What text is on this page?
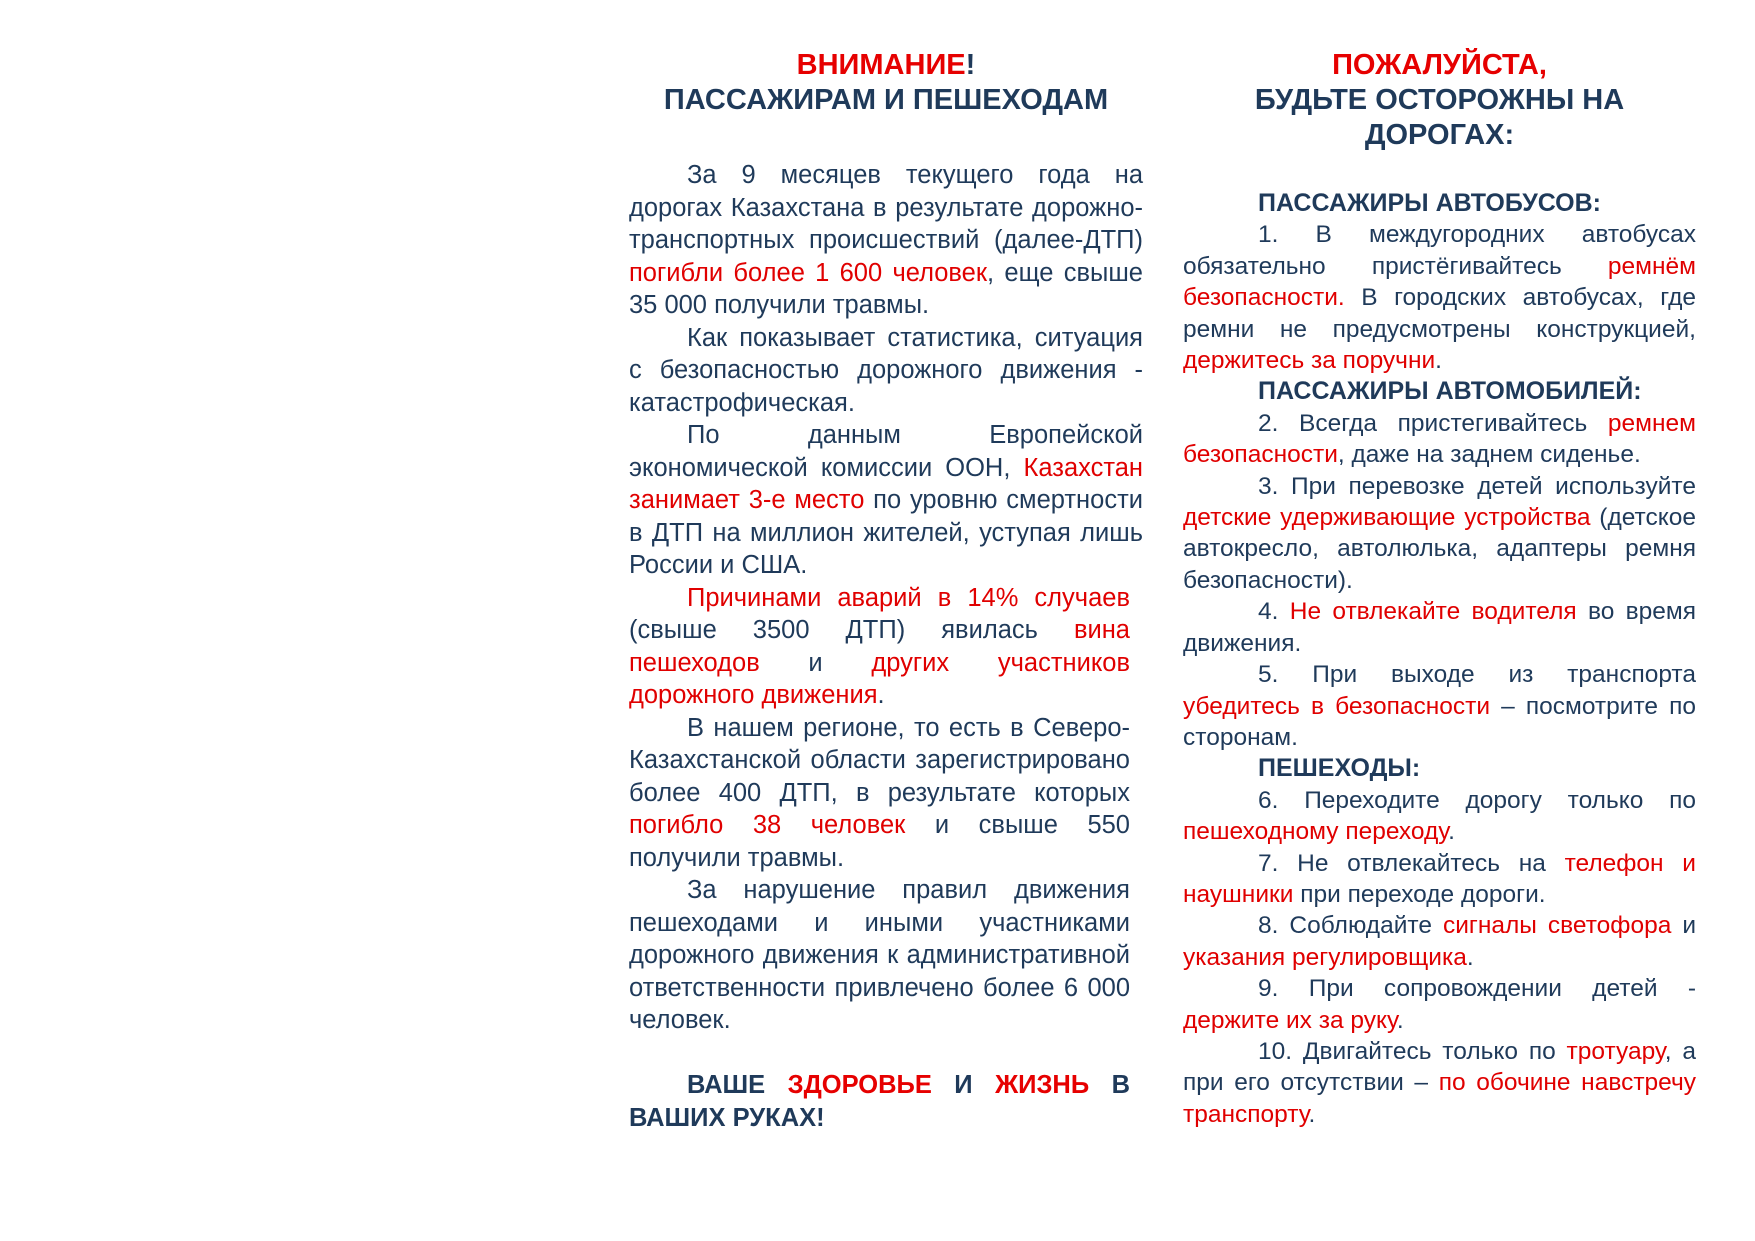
ВНИМАНИЕ!
ПАССАЖИРАМ И ПЕШЕХОДАМ

За 9 месяцев текущего года на дорогах Казахстана в результате дорожно-транспортных происшествий (далее-ДТП) погибли более 1 600 человек, еще свыше 35 000 получили травмы.

Как показывает статистика, ситуация с безопасностью дорожного движения - катастрофическая.

По данным Европейской экономической комиссии ООН, Казахстан занимает 3-е место по уровню смертности в ДТП на миллион жителей, уступая лишь России и США.

Причинами аварий в 14% случаев (свыше 3500 ДТП) явилась вина пешеходов и других участников дорожного движения.

В нашем регионе, то есть в Северо-Казахстанской области зарегистрировано более 400 ДТП, в результате которых погибло 38 человек и свыше 550 получили травмы.

За нарушение правил движения пешеходами и иными участниками дорожного движения к административной ответственности привлечено более 6 000 человек.

ВАШЕ ЗДОРОВЬЕ И ЖИЗНЬ В ВАШИХ РУКАХ!

ПОЖАЛУЙСТА,
БУДЬТЕ ОСТОРОЖНЫ НА
ДОРОГАХ:
ПАССАЖИРЫ АВТОБУСОВ:

1. В междугородних автобусах обязательно пристёгивайтесь ремнём безопасности. В городских автобусах, где ремни не предусмотрены конструкцией, держитесь за поручни.

ПАССАЖИРЫ АВТОМОБИЛЕЙ:

2. Всегда пристегивайтесь ремнем безопасности, даже на заднем сиденье.

3. При перевозке детей используйте детские удерживающие устройства (детское автокресло, автолюлька, адаптеры ремня безопасности).

4. Не отвлекайте водителя во время движения.

5. При выходе из транспорта убедитесь в безопасности – посмотрите по сторонам.

ПЕШЕХОДЫ:

6. Переходите дорогу только по пешеходному переходу.

7. Не отвлекайтесь на телефон и наушники при переходе дороги.

8. Соблюдайте сигналы светофора и указания регулировщика.

9. При сопровождении детей - держите их за руку.

10. Двигайтесь только по тротуару, а при его отсутствии – по обочине навстречу транспорту.
